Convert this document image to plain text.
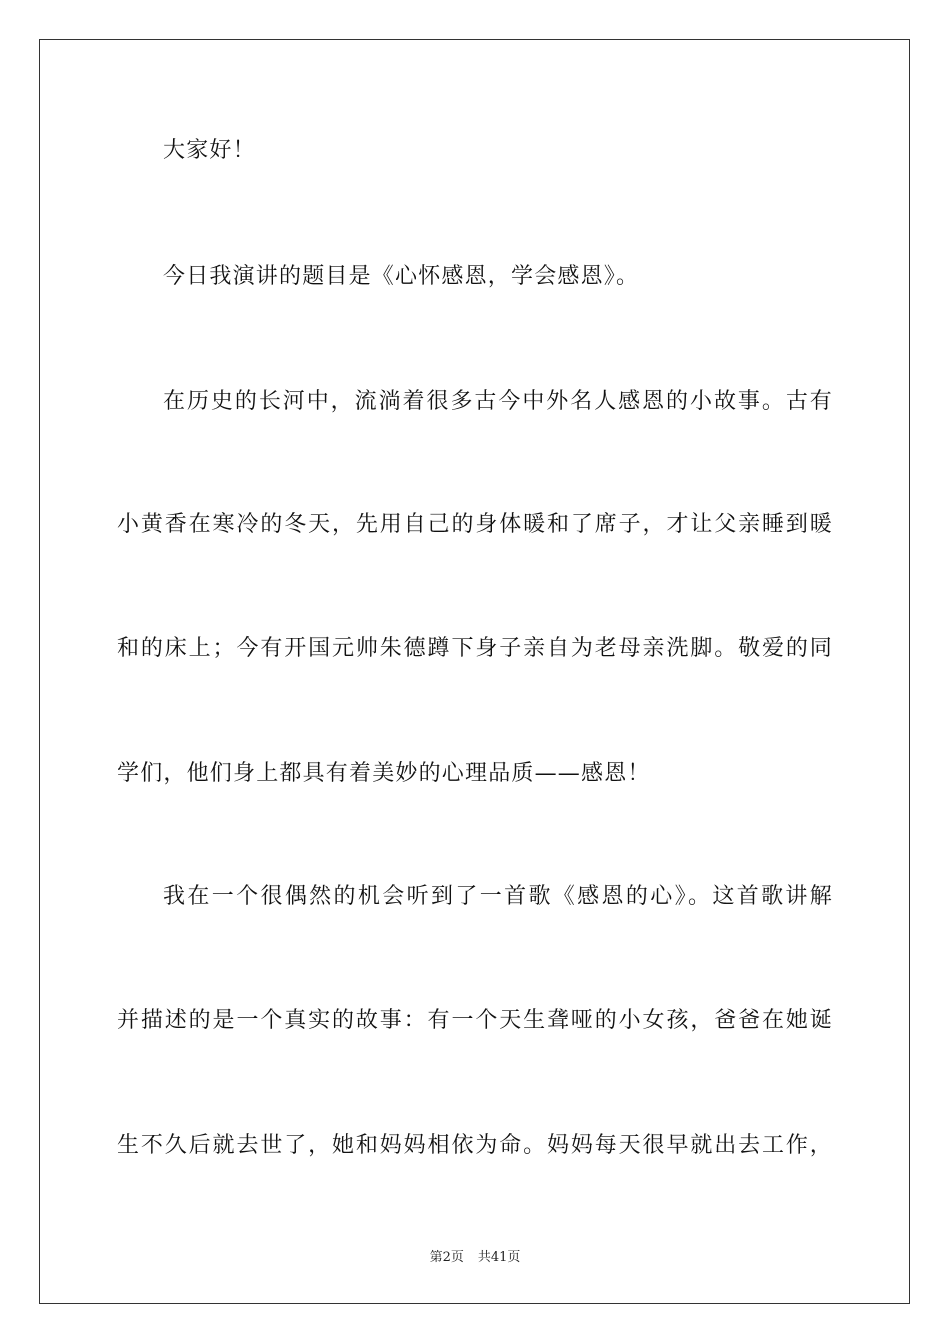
大家好！
今日我演讲的题目是《心怀感恩，学会感恩》。
在历史的长河中，流淌着很多古今中外名人感恩的小故事。古有
小黄香在寒冷的冬天，先用自己的身体暖和了席子，才让父亲睡到暖
和的床上；今有开国元帅朱德蹲下身子亲自为老母亲洗脚。敬爱的同
学们，他们身上都具有着美妙的心理品质——感恩！
我在一个很偶然的机会听到了一首歌《感恩的心》。这首歌讲解
并描述的是一个真实的故事：有一个天生聋哑的小女孩，爸爸在她诞
生不久后就去世了，她和妈妈相依为命。妈妈每天很早就出去工作，
第2页 共41页
